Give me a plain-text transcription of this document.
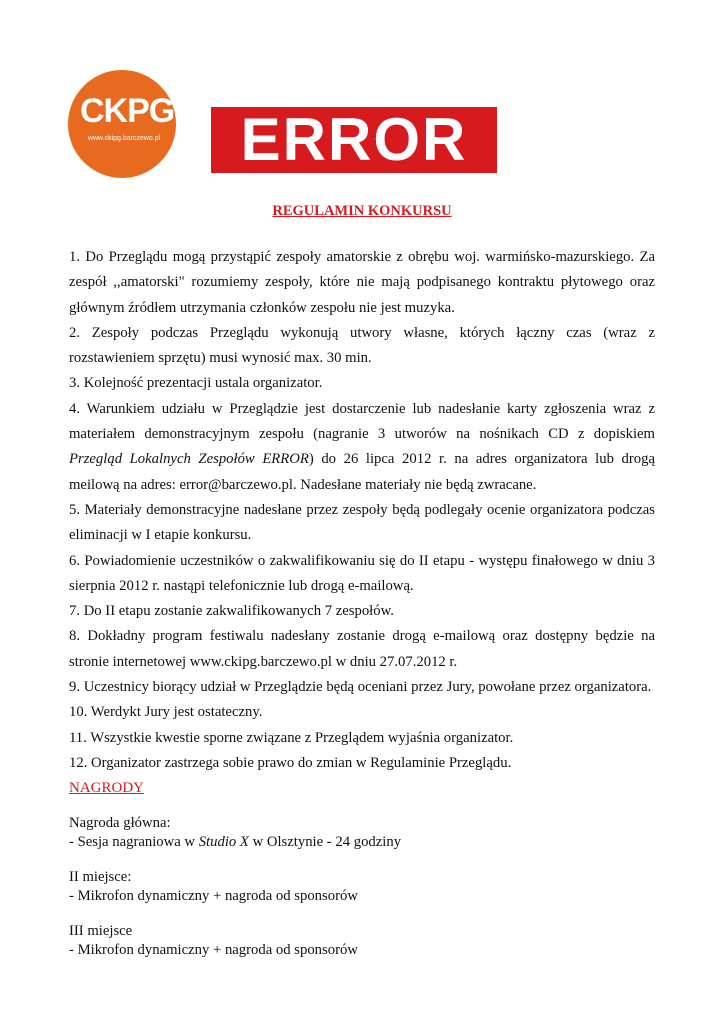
CKPG
www.ckipg.barczewo.pl	ERROR
REGULAMIN KONKURSU

1. Do Przeglądu mogą przystąpić zespoły amatorskie z obrębu woj. warmińsko-mazurskiego. Za zespół ,,amatorski" rozumiemy zespoły, które nie mają podpisanego kontraktu płytowego oraz głównym źródłem utrzymania członków zespołu nie jest muzyka.

2. Zespoły podczas Przeglądu wykonują utwory własne, których łączny czas (wraz z rozstawieniem sprzętu) musi wynosić max. 30 min.

3. Kolejność prezentacji ustala organizator.

4. Warunkiem udziału w Przeglądzie jest dostarczenie lub nadesłanie karty zgłoszenia wraz z materiałem demonstracyjnym zespołu (nagranie 3 utworów na nośnikach CD z dopiskiem Przegląd Lokalnych Zespołów ERROR) do 26 lipca 2012 r. na adres organizatora lub drogą meilową na adres: error@barczewo.pl. Nadesłane materiały nie będą zwracane.

5. Materiały demonstracyjne nadesłane przez zespoły będą podlegały ocenie organizatora podczas eliminacji w I etapie konkursu.

6. Powiadomienie uczestników o zakwalifikowaniu się do II etapu - występu finałowego w dniu 3 sierpnia 2012 r. nastąpi telefonicznie lub drogą e-mailową.

7. Do II etapu zostanie zakwalifikowanych 7 zespołów.

8. Dokładny program festiwalu nadesłany zostanie drogą e-mailową oraz dostępny będzie na stronie internetowej www.ckipg.barczewo.pl w dniu 27.07.2012 r.

9. Uczestnicy biorący udział w Przeglądzie będą oceniani przez Jury, powołane przez organizatora.

10. Werdykt Jury jest ostateczny.

11. Wszystkie kwestie sporne związane z Przeglądem wyjaśnia organizator.

12. Organizator zastrzega sobie prawo do zmian w Regulaminie Przeglądu.

NAGRODY

Nagroda główna:
- Sesja nagraniowa w Studio X w Olsztynie - 24 godziny
II miejsce:
- Mikrofon dynamiczny + nagroda od sponsorów
III miejsce
- Mikrofon dynamiczny + nagroda od sponsorów
